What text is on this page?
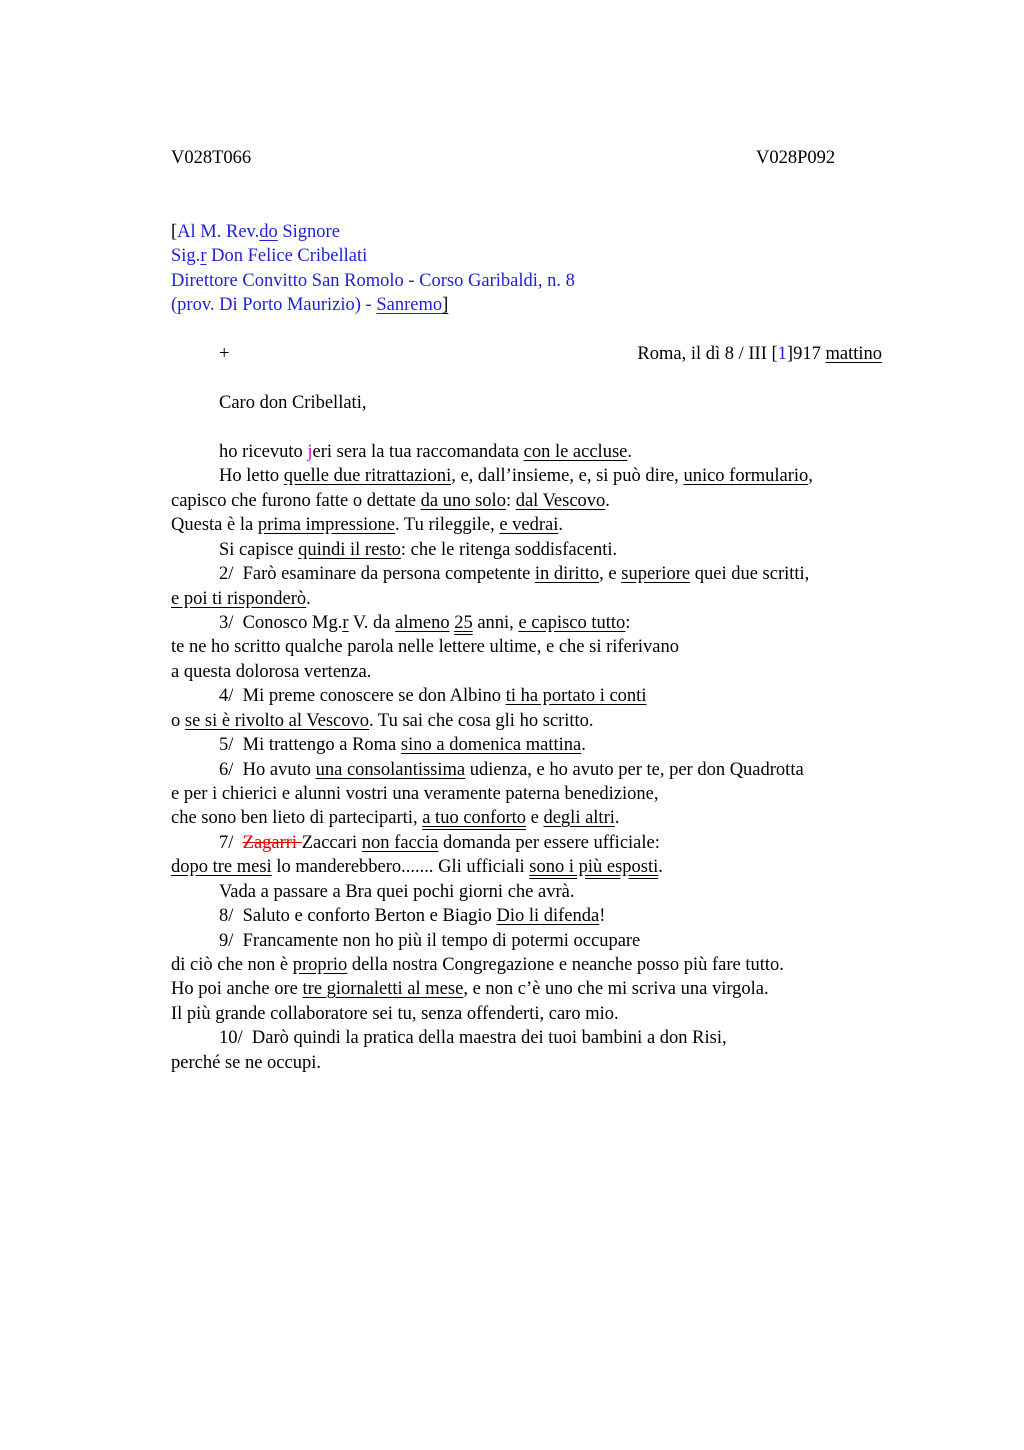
V028T066	V028P092
[Al M. Rev.do Signore
Sig.r Don Felice Cribellati
Direttore Convitto San Romolo - Corso Garibaldi, n. 8
(prov. Di Porto Maurizio) - Sanremo]
+	Roma, il dì 8 / III [1]917 mattino
Caro don Cribellati,
ho ricevuto jeri sera la tua raccomandata con le accluse.
Ho letto quelle due ritrattazioni, e, dall’insieme, e, si può dire, unico formulario,
capisco che furono fatte o dettate da uno solo: dal Vescovo.
Questa è la prima impressione. Tu rileggile, e vedrai.
Si capisce quindi il resto: che le ritenga soddisfacenti.
2/  Farò esaminare da persona competente in diritto, e superiore quei due scritti,
e poi ti risponderò.
3/  Conosco Mg.r V. da almeno 25 anni, e capisco tutto:
te ne ho scritto qualche parola nelle lettere ultime, e che si riferivano
a questa dolorosa vertenza.
4/  Mi preme conoscere se don Albino ti ha portato i conti
o se si è rivolto al Vescovo. Tu sai che cosa gli ho scritto.
5/  Mi trattengo a Roma sino a domenica mattina.
6/  Ho avuto una consolantissima udienza, e ho avuto per te, per don Quadrotta
e per i chierici e alunni vostri una veramente paterna benedizione,
che sono ben lieto di parteciparti, a tuo conforto e degli altri.
7/  Zagarri Zaccari non faccia domanda per essere ufficiale:
dopo tre mesi lo manderebbero....... Gli ufficiali sono i più esposti.
Vada a passare a Bra quei pochi giorni che avrà.
8/  Saluto e conforto Berton e Biagio Dio li difenda!
9/  Francamente non ho più il tempo di potermi occupare
di ciò che non è proprio della nostra Congregazione e neanche posso più fare tutto.
Ho poi anche ore tre giornaletti al mese, e non c’è uno che mi scriva una virgola.
Il più grande collaboratore sei tu, senza offenderti, caro mio.
10/  Darò quindi la pratica della maestra dei tuoi bambini a don Risi,
perché se ne occupi.
